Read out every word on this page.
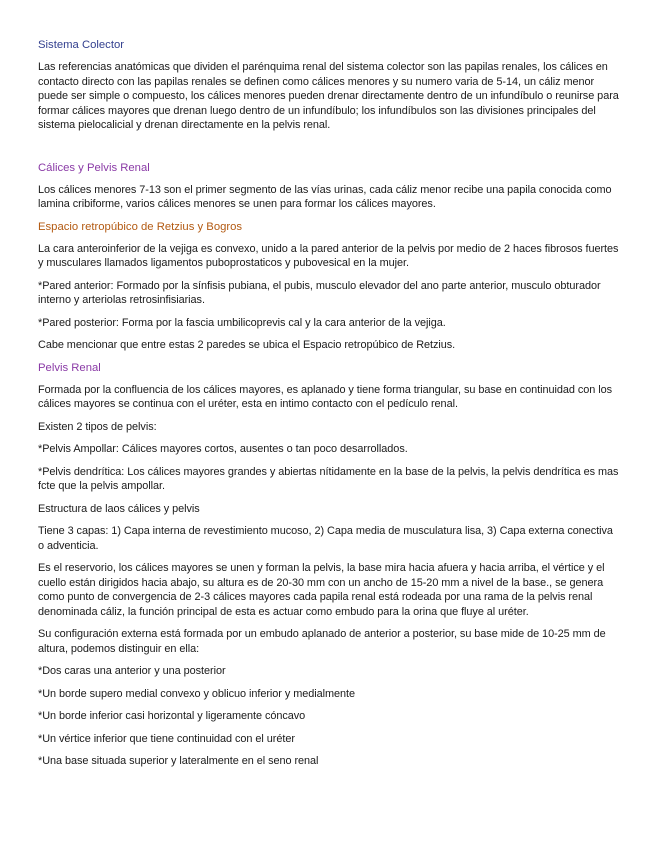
Sistema Colector

Las referencias anatómicas que dividen el parénquima renal del sistema colector son las papilas renales, los cálices en contacto directo con las papilas renales se definen como cálices menores y su numero varia de 5-14, un cáliz menor puede ser simple o compuesto, los cálices menores pueden drenar directamente dentro de un infundíbulo o reunirse para formar cálices mayores que drenan luego dentro de un infundíbulo; los infundíbulos son las divisiones principales del sistema pielocalicial y drenan directamente en la pelvis renal.

Cálices y Pelvis Renal

Los cálices menores 7-13 son el primer segmento de las vías urinas, cada cáliz menor recibe una papila conocida como lamina cribiforme, varios cálices menores se unen para formar los cálices mayores.

Espacio retropúbico de Retzius y Bogros

La cara anteroinferior de la vejiga es convexo, unido a la pared anterior de la pelvis por medio de 2 haces fibrosos fuertes y musculares llamados ligamentos puboprostaticos y pubovesical en la mujer.

*Pared anterior: Formado por la sínfisis pubiana, el pubis, musculo elevador del ano parte anterior, musculo obturador interno y arteriolas retrosinfisiarias.

*Pared posterior: Forma por la fascia umbilicoprevis cal y la cara anterior de la vejiga.

Cabe mencionar que entre estas 2 paredes se ubica el Espacio retropúbico de Retzius.

Pelvis Renal

Formada por la confluencia de los cálices mayores, es aplanado y tiene forma triangular, su base en continuidad con los cálices mayores se continua con el uréter, esta en intimo contacto con el pedículo renal.

Existen 2 tipos de pelvis:

*Pelvis Ampollar: Cálices mayores cortos, ausentes o tan poco desarrollados.

*Pelvis dendrítica: Los cálices mayores grandes y abiertas nítidamente en la base de la pelvis, la pelvis dendrítica es mas fcte que la pelvis ampollar.

Estructura de laos cálices y pelvis

Tiene 3 capas: 1) Capa interna de revestimiento mucoso, 2) Capa media de musculatura lisa, 3) Capa externa conectiva o adventicia.

Es el reservorio, los cálices mayores se unen y forman la pelvis, la base mira hacia afuera y hacia arriba, el vértice y el cuello están dirigidos hacia abajo, su altura es de 20-30 mm con un ancho de 15-20 mm a nivel de la base., se genera como punto de convergencia de 2-3 cálices mayores cada papila renal está rodeada por una rama de la pelvis renal denominada cáliz, la función principal de esta es actuar como embudo para la orina que fluye al uréter.

Su configuración externa está formada por un embudo aplanado de anterior a posterior, su base mide de 10-25 mm de altura, podemos distinguir en ella:

*Dos caras una anterior y una posterior

*Un borde supero medial convexo y oblicuo inferior y medialmente

*Un borde inferior casi horizontal y ligeramente cóncavo

*Un vértice inferior que tiene continuidad con el uréter

*Una base situada superior y lateralmente en el seno renal
